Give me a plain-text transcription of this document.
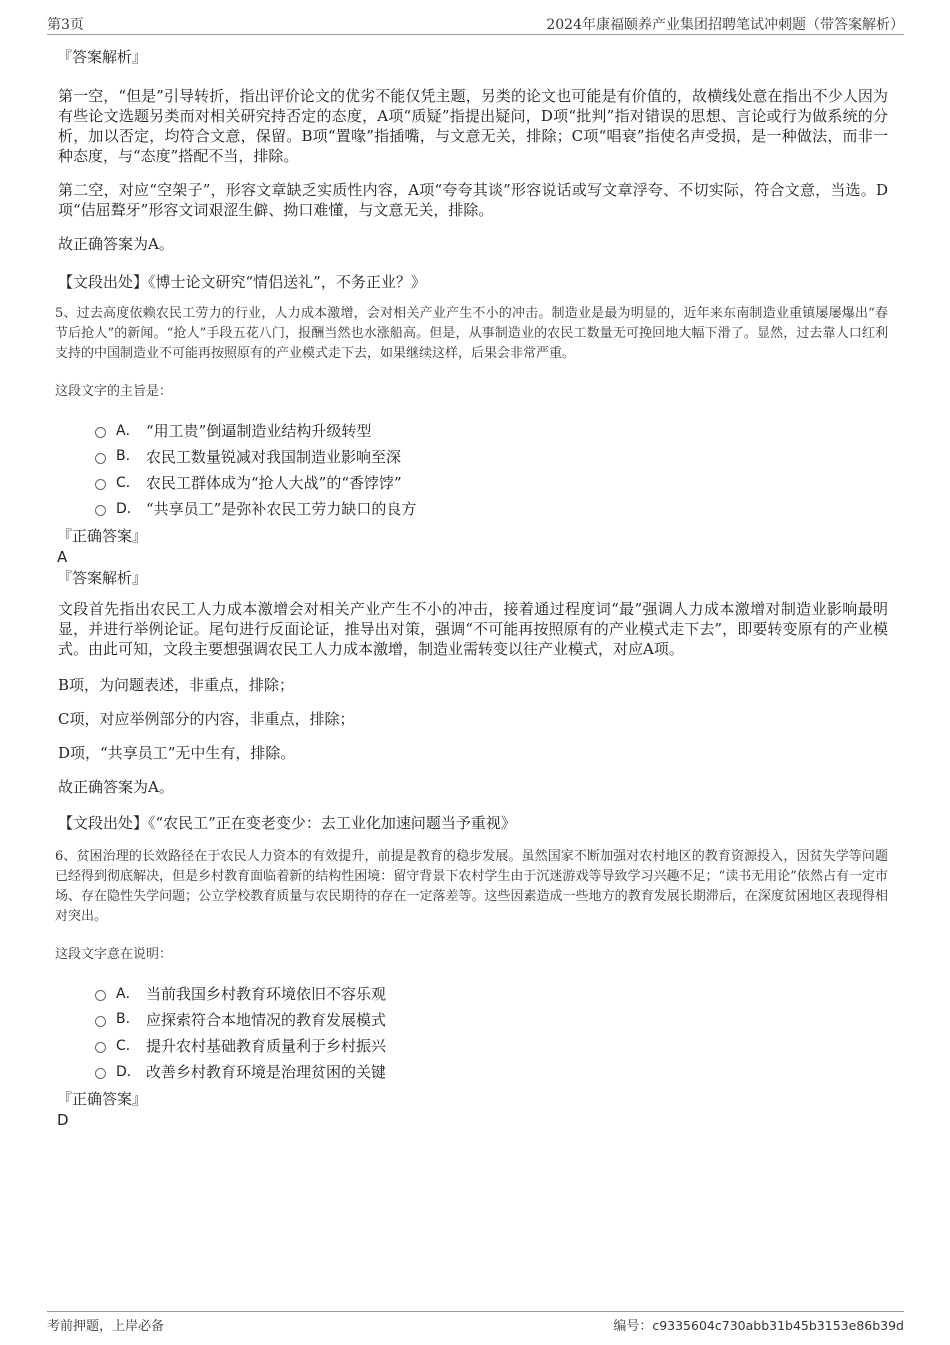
第3页	2024年康福颐养产业集团招聘笔试冲刺题（带答案解析）
『答案解析』
第一空，“但是”引导转折，指出评价论文的优劣不能仅凭主题，另类的论文也可能是有价值的，故横线处意在指出不少人因为有些论文选题另类而对相关研究持否定的态度，A项“质疑”指提出疑问，D项“批判”指对错误的思想、言论或行为做系统的分析，加以否定，均符合文意，保留。B项“置喙”指插嘴，与文意无关，排除；C项“唱衰”指使名声受损，是一种做法，而非一种态度，与“态度”搭配不当，排除。
第二空，对应“空架子”，形容文章缺乏实质性内容，A项“夸夸其谈”形容说话或写文章浮夸、不切实际，符合文意，当选。D项“佶屈聱牙”形容文词艰涩生僻、拗口难懂，与文意无关，排除。
故正确答案为A。
【文段出处】《博士论文研究“情侣送礼”，不务正业？》
5、过去高度依赖农民工劳力的行业，人力成本激增，会对相关产业产生不小的冲击。制造业是最为明显的，近年来东南制造业重镇屡屡爆出“春节后抢人”的新闻。“抢人”手段五花八门，报酬当然也水涨船高。但是，从事制造业的农民工数量无可挽回地大幅下滑了。显然，过去靠人口红利支持的中国制造业不可能再按照原有的产业模式走下去，如果继续这样，后果会非常严重。
这段文字的主旨是：
A． “用工贵”倒逼制造业结构升级转型
B.	农民工数量锐减对我国制造业影响至深
C． 农民工群体成为“抢人大战”的“香饽饽”
D． “共享员工”是弥补农民工劳力缺口的良方
『正确答案』
A
『答案解析』
文段首先指出农民工人力成本激增会对相关产业产生不小的冲击，接着通过程度词“最”强调人力成本激增对制造业影响最明显，并进行举例论证。尾句进行反面论证，推导出对策，强调“不可能再按照原有的产业模式走下去”，即要转变原有的产业模式。由此可知，文段主要想强调农民工人力成本激增，制造业需转变以往产业模式，对应A项。
B项，为问题表述，非重点，排除；
C项，对应举例部分的内容，非重点，排除；
D项，“共享员工”无中生有，排除。
故正确答案为A。
【文段出处】《“农民工”正在变老变少：去工业化加速问题当予重视》
6、贫困治理的长效路径在于农民人力资本的有效提升，前提是教育的稳步发展。虽然国家不断加强对农村地区的教育资源投入，因贫失学等问题已经得到彻底解决，但是乡村教育面临着新的结构性困境：留守背景下农村学生由于沉迷游戏等导致学习兴趣不足；“读书无用论”依然占有一定市场、存在隐性失学问题；公立学校教育质量与农民期待的存在一定落差等。这些因素造成一些地方的教育发展长期滞后，在深度贫困地区表现得相对突出。
这段文字意在说明：
A． 当前我国乡村教育环境依旧不容乐观
B.	应探索符合本地情况的教育发展模式
C． 提升农村基础教育质量利于乡村振兴
D． 改善乡村教育环境是治理贫困的关键
『正确答案』
D
考前押题，上岸必备	编号：c9335604c730abb31b45b3153e86b39d
